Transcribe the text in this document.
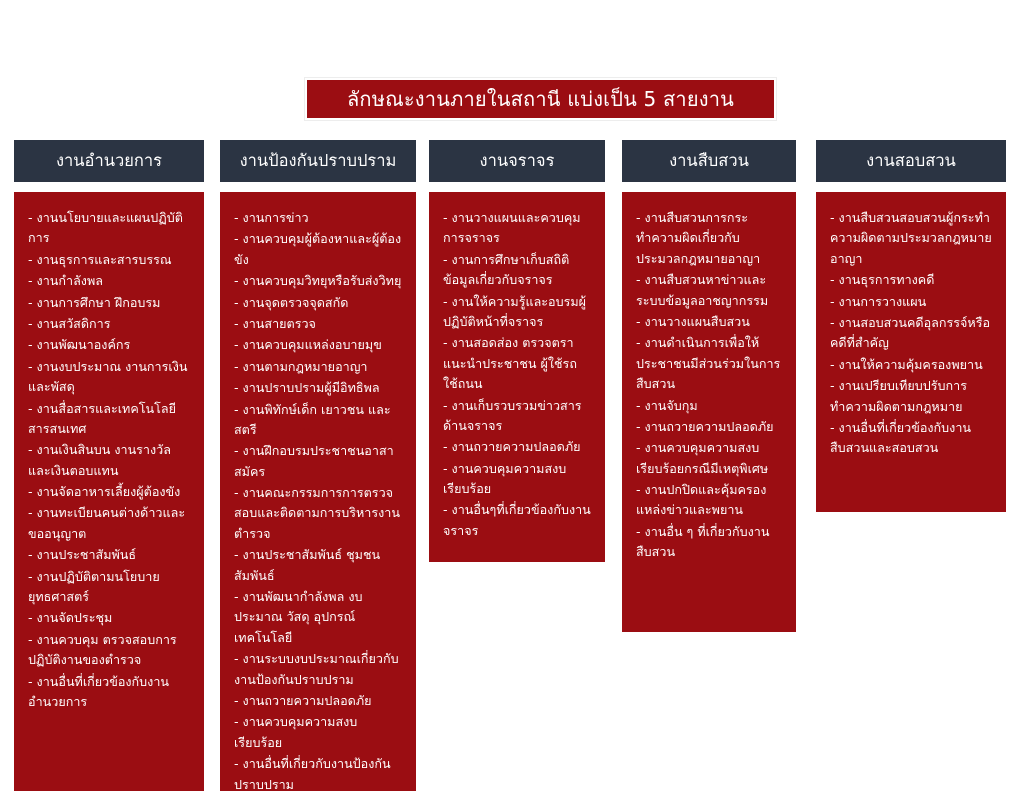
ลักษณะงานภายในสถานี แบ่งเป็น 5 สายงาน
งานอำนวยการ
- งานนโยบายและแผนปฏิบัติการ
- งานธุรการและสารบรรณ
- งานกำลังพล
- งานการศึกษา ฝึกอบรม
- งานสวัสดิการ
- งานพัฒนาองค์กร
- งานงบประมาณ งานการเงินและพัสดุ
- งานสื่อสารและเทคโนโลยีสารสนเทศ
- งานเงินสินบน งานรางวัลและเงินตอบแทน
- งานจัดอาหารเลี้ยงผู้ต้องขัง
- งานทะเบียนคนต่างด้าวและขออนุญาต
- งานประชาสัมพันธ์
- งานปฏิบัติตามนโยบายยุทธศาสตร์
- งานจัดประชุม
- งานควบคุม ตรวจสอบการปฏิบัติงานของตำรวจ
- งานอื่นที่เกี่ยวข้องกับงานอำนวยการ
งานป้องกันปราบปราม
- งานการข่าว
- งานควบคุมผู้ต้องหาและผู้ต้องขัง
- งานควบคุมวิทยุหรือรับส่งวิทยุ
- งานจุดตรวจจุดสกัด
- งานสายตรวจ
- งานควบคุมแหล่งอบายมุข
- งานตามกฎหมายอาญา
- งานปราบปรามผู้มีอิทธิพล
- งานพิทักษ์เด็ก เยาวชน และสตรี
- งานฝึกอบรมประชาชนอาสาสมัคร
- งานคณะกรรมการการตรวจสอบและติดตามการบริหารงานตำรวจ
- งานประชาสัมพันธ์ ชุมชนสัมพันธ์
- งานพัฒนากำลังพล งบประมาณ วัสดุ อุปกรณ์ เทคโนโลยี
- งานระบบงบประมาณเกี่ยวกับงานป้องกันปราบปราม
- งานถวายความปลอดภัย
- งานควบคุมความสงบเรียบร้อย
- งานอื่นที่เกี่ยวกับงานป้องกันปราบปราม
งานจราจร
- งานวางแผนและควบคุมการจราจร
- งานการศึกษาเก็บสถิติข้อมูลเกี่ยวกับจราจร
- งานให้ความรู้และอบรมผู้ปฏิบัติหน้าที่จราจร
- งานสอดส่อง ตรวจตรา แนะนำประชาชน ผู้ใช้รถใช้ถนน
- งานเก็บรวบรวมข่าวสารด้านจราจร
- งานถวายความปลอดภัย
- งานควบคุมความสงบเรียบร้อย
- งานอื่นๆที่เกี่ยวข้องกับงานจราจร
งานสืบสวน
- งานสืบสวนการกระทำความผิดเกี่ยวกับประมวลกฎหมายอาญา
- งานสืบสวนหาข่าวและระบบข้อมูลอาชญากรรม
- งานวางแผนสืบสวน
- งานดำเนินการเพื่อให้ประชาชนมีส่วนร่วมในการสืบสวน
- งานจับกุม
- งานถวายความปลอดภัย
- งานควบคุมความสงบเรียบร้อยกรณีมีเหตุพิเศษ
- งานปกปิดและคุ้มครองแหล่งข่าวและพยาน
- งานอื่น ๆ ที่เกี่ยวกับงานสืบสวน
งานสอบสวน
- งานสืบสวนสอบสวนผู้กระทำความผิดตามประมวลกฎหมายอาญา
- งานธุรการทางคดี
- งานการวางแผน
- งานสอบสวนคดีอุลกรรจ์หรือคดีที่สำคัญ
- งานให้ความคุ้มครองพยาน
- งานเปรียบเทียบปรับการทำความผิดตามกฎหมาย
- งานอื่นที่เกี่ยวข้องกับงานสืบสวนและสอบสวน
